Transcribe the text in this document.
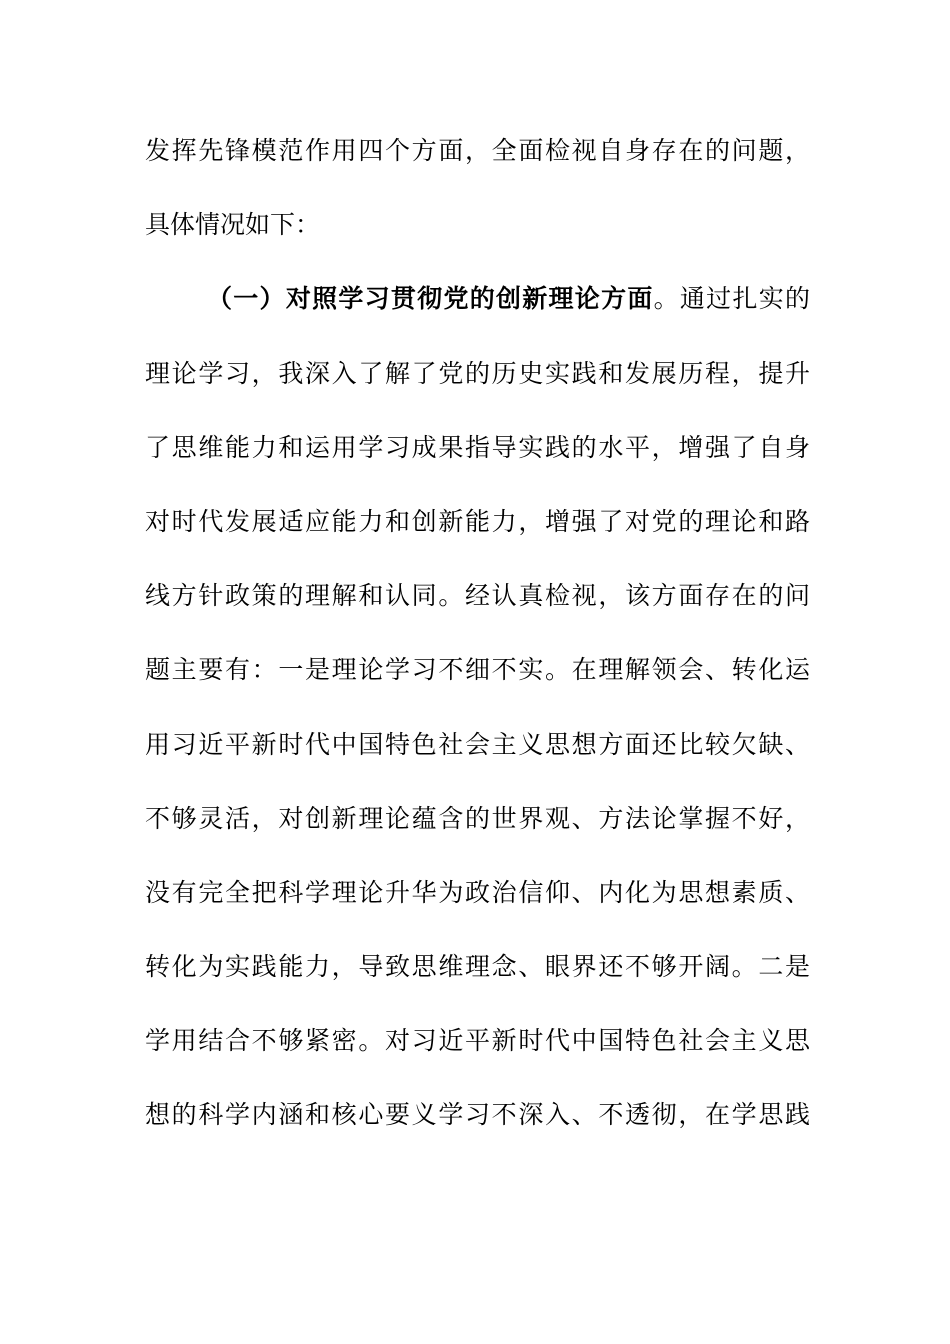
发挥先锋模范作用四个方面，全面检视自身存在的问题，
具体情况如下：
（一）对照学习贯彻党的创新理论方面。通过扎实的
理论学习，我深入了解了党的历史实践和发展历程，提升
了思维能力和运用学习成果指导实践的水平，增强了自身
对时代发展适应能力和创新能力，增强了对党的理论和路
线方针政策的理解和认同。经认真检视，该方面存在的问
题主要有：一是理论学习不细不实。在理解领会、转化运
用习近平新时代中国特色社会主义思想方面还比较欠缺、
不够灵活，对创新理论蕴含的世界观、方法论掌握不好，
没有完全把科学理论升华为政治信仰、内化为思想素质、
转化为实践能力，导致思维理念、眼界还不够开阔。二是
学用结合不够紧密。对习近平新时代中国特色社会主义思
想的科学内涵和核心要义学习不深入、不透彻，在学思践
